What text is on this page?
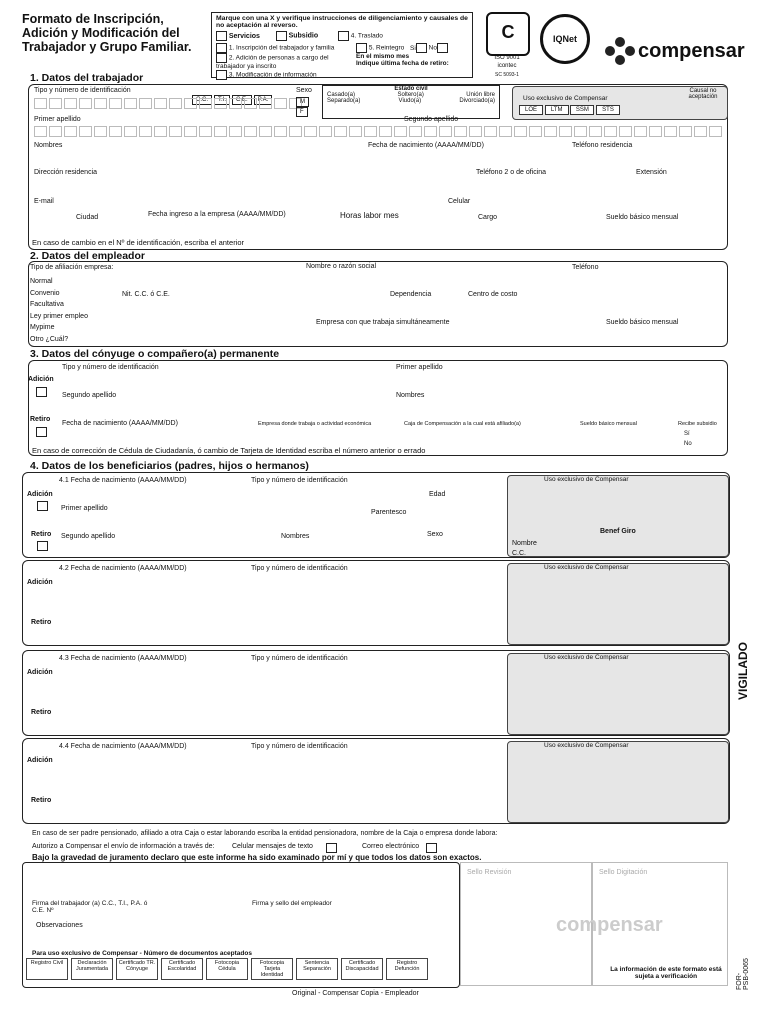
Formato de Inscripción,
Adición y Modificación del
Trabajador y Grupo Familiar.
Marque con una X y verifique instrucciones de diligenciamiento y causales de no aceptación al reverso.
Servicios	Subsidio	4. Traslado
1. Inscripción del trabajador y familia
2. Adición de personas a cargo del trabajador ya inscrito
3. Modificación de información
5. Reintegro Si No
En el mismo mes
Indique última fecha de retiro:
C
ISO 9001
icontec
SC 5093-1
IQNet
compensar
1. Datos del trabajador
Tipo y número de identificación
C.C. T.I. C.E. P.A.
Sexo
M
F
Estado civil
Casado(a)	Soltero(a)	Unión libre
Separado(a)	Viudo(a)	Divorciado(a)	Uso exclusivo de Compensar
Causal no aceptación
LOE LTM SSM STS
Primer apellido	Segundo apellido
Nombres	Fecha de nacimiento (AAAA/MM/DD)	Teléfono residencia
Dirección residencia	Teléfono 2 o de oficina	Extensión
E-mail	Celular
Ciudad	Fecha ingreso a la empresa (AAAA/MM/DD)	Horas labor mes	Cargo	Sueldo básico mensual
En caso de cambio en el Nº de identificación, escriba el anterior
2. Datos del empleador
Tipo de afiliación empresa:
Normal
Convenio
Facultativa
Ley primer empleo
Mypime
Otro ¿Cuál?
Nombre o razón social	Teléfono
Nit. C.C. ó C.E.	Dependencia	Centro de costo
Empresa con que trabaja simultáneamente	Sueldo básico mensual
3. Datos del cónyuge o compañero(a) permanente
Adición
Retiro
Tipo y número de identificación	Primer apellido
Segundo apellido	Nombres
Fecha de nacimiento (AAAA/MM/DD)	Empresa donde trabaja o actividad económica	Caja de Compensación a la cual está afiliado(a)	Sueldo básico mensual	Recibe subsidio
Sí
No
En caso de corrección de Cédula de Ciudadanía, ó cambio de Tarjeta de Identidad escriba el número anterior o errado
4. Datos de los beneficiarios (padres, hijos o hermanos)
4.1 Fecha de nacimiento (AAAA/MM/DD)	Tipo y número de identificación
Adición
Retiro
Primer apellido
Segundo apellido	Nombres
Parentesco
Edad
Sexo
Uso exclusivo de Compensar
Benef Giro
Nombre
C.C.
4.2 Fecha de nacimiento (AAAA/MM/DD)	Tipo y número de identificación
Adición
Retiro
Uso exclusivo de Compensar
4.3 Fecha de nacimiento (AAAA/MM/DD)	Tipo y número de identificación
Adición
Retiro
Uso exclusivo de Compensar
4.4 Fecha de nacimiento (AAAA/MM/DD)	Tipo y número de identificación
Adición
Retiro
Uso exclusivo de Compensar
VIGILADO
En caso de ser padre pensionado, afiliado a otra Caja o estar laborando escriba la entidad pensionadora, nombre de la Caja o empresa donde labora:
Autorizo a Compensar el envío de información a través de:	Celular mensajes de texto	Correo electrónico
Bajo la gravedad de juramento declaro que este informe ha sido examinado por mí y que todos los datos son exactos.
Firma del trabajador (a) C.C., T.I., P.A. ó C.E. Nº
Firma y sello del empleador
Observaciones
Para uso exclusivo de Compensar - Número de documentos aceptados
Registro Civil	Declaración Juramentada
Certificado TR. Cónyuge
Certificado Escolaridad
Fotocopia Cédula
Fotocopia Tarjeta Identidad
Sentencia Separación
Certificado Discapacidad
Registro Defunción
Sello Revisión	Sello Digitación
compensar
La información de este formato está sujeta a verificación
Original - Compensar Copia - Empleador
FOR-PSB-0065
